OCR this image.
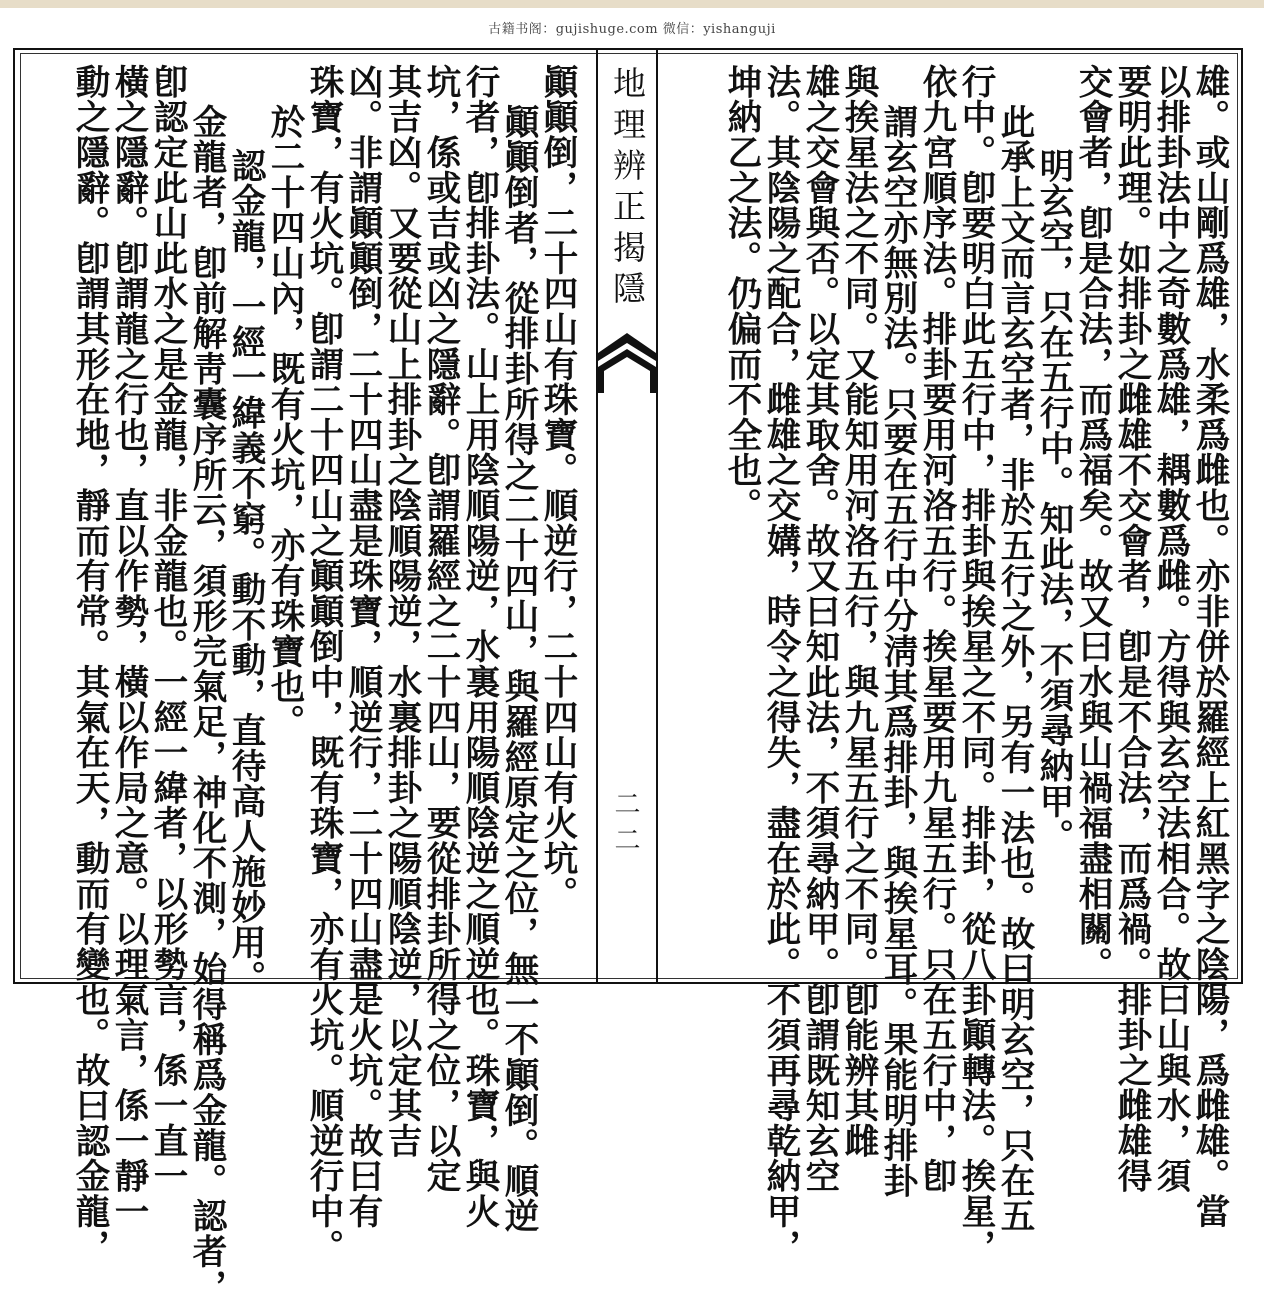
古籍书阁：gujishuge.com 微信：yishanguji
地理辨正揭隱
二二	雄。或山剛爲雄，水柔爲雌也。亦非併於羅經上紅黑字之陰陽，爲雌雄。當
以排卦法中之奇數爲雄，耦數爲雌。方得與玄空法相合。故曰山與水，須
要明此理。如排卦之雌雄不交會者，卽是不合法，而爲禍。排卦之雌雄得
交會者，卽是合法，而爲福矣。故又曰水與山禍福盡相關。
明玄空，只在五行中。知此法，不須尋納甲。
此承上文而言玄空者，非於五行之外，另有一法也。故曰明玄空，只在五
行中。卽要明白此五行中，排卦與挨星之不同。排卦，從八卦顚轉法。挨星，
依九宮順序法。排卦要用河洛五行。挨星要用九星五行。只在五行中，卽
謂玄空亦無別法。只要在五行中分淸其爲排卦，與挨星耳。果能明排卦
與挨星法之不同。又能知用河洛五行，與九星五行之不同。卽能辨其雌
雄之交會與否。以定其取舍。故又曰知此法，不須尋納甲。卽謂既知玄空
法。其陰陽之配合，雌雄之交媾，時令之得失，盡在於此。不須再尋乾納甲，
坤納乙之法。仍偏而不全也。
顚顚倒，二十四山有珠寶。順逆行，二十四山有火坑。
顚顚倒者，從排卦所得之二十四山，與羅經原定之位，無一不顚倒。順逆
行者，卽排卦法。山上用陰順陽逆，水裏用陽順陰逆之順逆也。珠寶，與火
坑，係或吉或凶之隱辭。卽謂羅經之二十四山，要從排卦所得之位，以定
其吉凶。又要從山上排卦之陰順陽逆，水裏排卦之陽順陰逆，以定其吉
凶。非謂顚顚倒，二十四山盡是珠寶，順逆行，二十四山盡是火坑。故曰有
珠寶，有火坑。卽謂二十四山之顚顚倒中，既有珠寶，亦有火坑。順逆行中。
於二十四山內，既有火坑，亦有珠寶也。
認金龍，一經一緯義不窮。動不動，直待高人施妙用。
金龍者，卽前解靑囊序所云，須形完氣足，神化不測，始得稱爲金龍。認者，
卽認定此山此水之是金龍，非金龍也。一經一緯者，以形勢言，係一直一
橫之隱辭。卽謂龍之行也，直以作勢，橫以作局之意。以理氣言，係一靜一
動之隱辭。卽謂其形在地，靜而有常。其氣在天，動而有變也。故曰認金龍，
